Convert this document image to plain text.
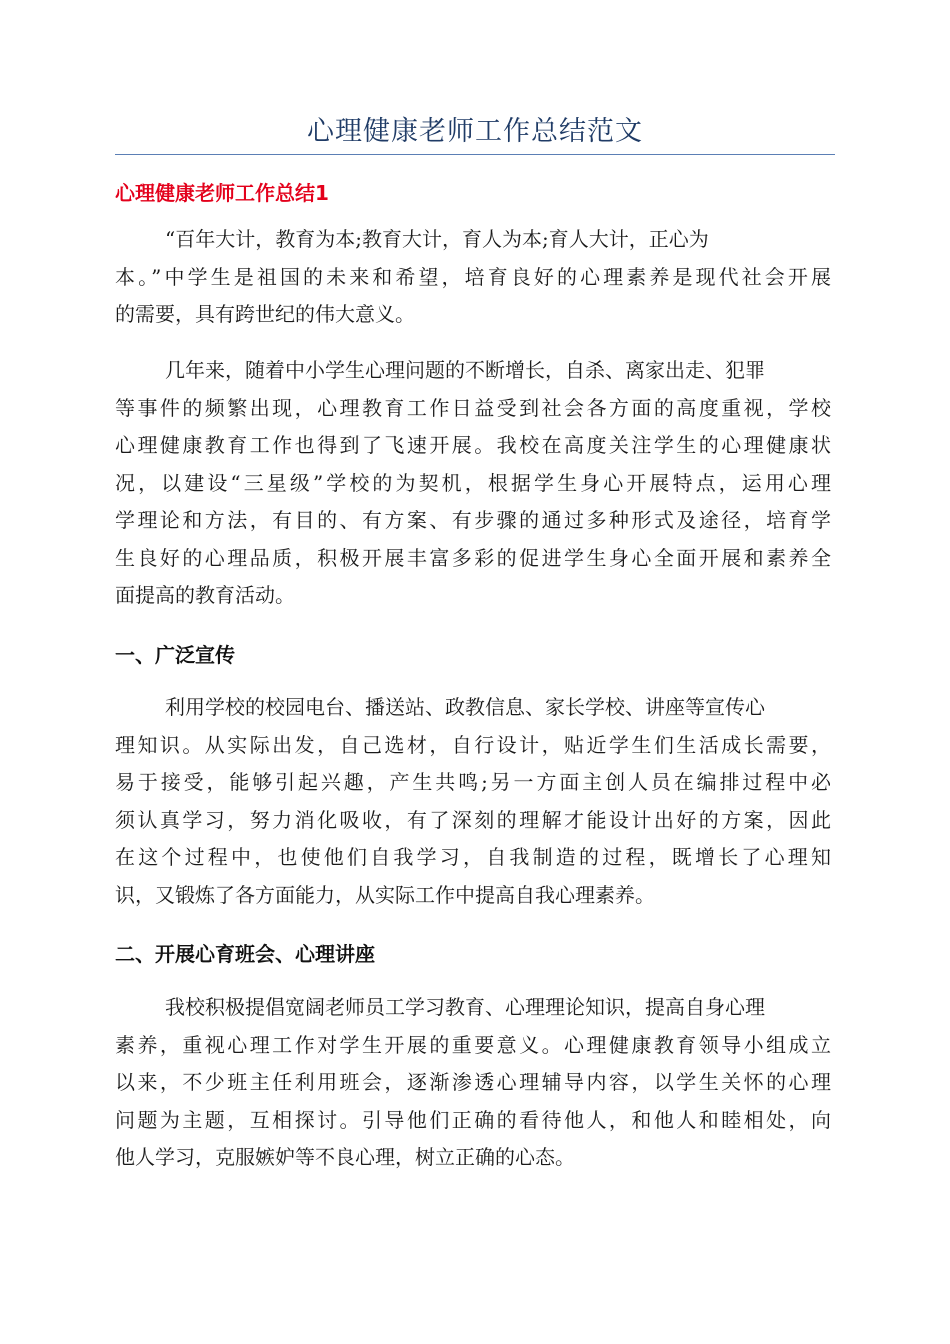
心理健康老师工作总结范文
心理健康老师工作总结1
“百年大计，教育为本;教育大计，育人为本;育人大计，正心为
本。”中学生是祖国的未来和希望，培育良好的心理素养是现代社会开展
的需要，具有跨世纪的伟大意义。
几年来，随着中小学生心理问题的不断增长，自杀、离家出走、犯罪
等事件的频繁出现，心理教育工作日益受到社会各方面的高度重视，学校
心理健康教育工作也得到了飞速开展。我校在高度关注学生的心理健康状
况，以建设“三星级”学校的为契机，根据学生身心开展特点，运用心理
学理论和方法，有目的、有方案、有步骤的通过多种形式及途径，培育学
生良好的心理品质，积极开展丰富多彩的促进学生身心全面开展和素养全
面提高的教育活动。
一、广泛宣传
利用学校的校园电台、播送站、政教信息、家长学校、讲座等宣传心
理知识。从实际出发，自己选材，自行设计，贴近学生们生活成长需要，
易于接受，能够引起兴趣，产生共鸣;另一方面主创人员在编排过程中必
须认真学习，努力消化吸收，有了深刻的理解才能设计出好的方案，因此
在这个过程中，也使他们自我学习，自我制造的过程，既增长了心理知
识，又锻炼了各方面能力，从实际工作中提高自我心理素养。
二、开展心育班会、心理讲座
我校积极提倡宽阔老师员工学习教育、心理理论知识，提高自身心理
素养，重视心理工作对学生开展的重要意义。心理健康教育领导小组成立
以来，不少班主任利用班会，逐渐渗透心理辅导内容，以学生关怀的心理
问题为主题，互相探讨。引导他们正确的看待他人，和他人和睦相处，向
他人学习，克服嫉妒等不良心理，树立正确的心态。
